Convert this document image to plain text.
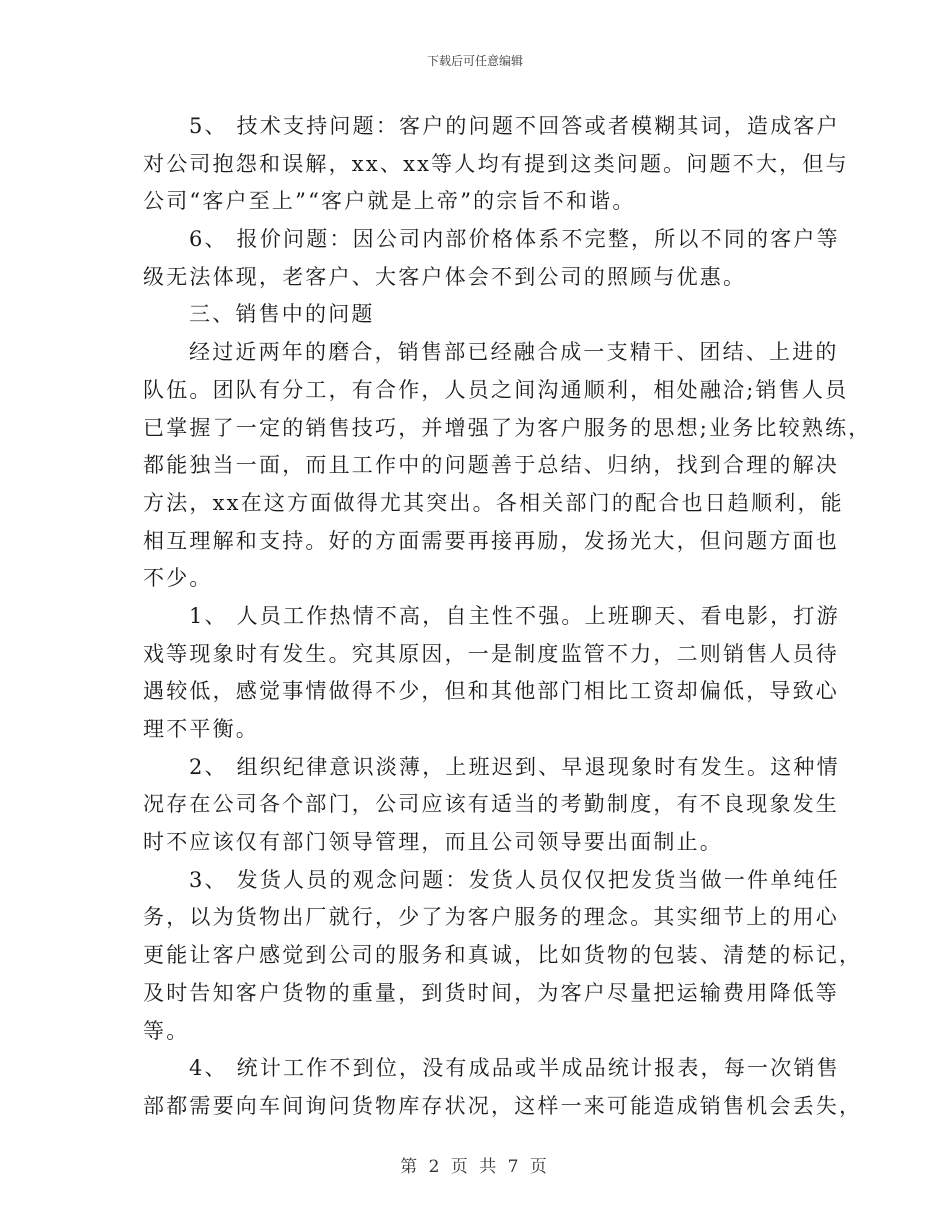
下载后可任意编辑
5、 技术支持问题：客户的问题不回答或者模糊其词，造成客户
对公司抱怨和误解，xx、xx等人均有提到这类问题。问题不大，但与
公司“客户至上”“客户就是上帝”的宗旨不和谐。
6、 报价问题：因公司内部价格体系不完整，所以不同的客户等
级无法体现，老客户、大客户体会不到公司的照顾与优惠。
三、销售中的问题
经过近两年的磨合，销售部已经融合成一支精干、团结、上进的
队伍。团队有分工，有合作，人员之间沟通顺利，相处融洽;销售人员
已掌握了一定的销售技巧，并增强了为客户服务的思想;业务比较熟练，
都能独当一面，而且工作中的问题善于总结、归纳，找到合理的解决
方法，xx在这方面做得尤其突出。各相关部门的配合也日趋顺利，能
相互理解和支持。好的方面需要再接再励，发扬光大，但问题方面也
不少。
1、 人员工作热情不高，自主性不强。上班聊天、看电影，打游
戏等现象时有发生。究其原因，一是制度监管不力，二则销售人员待
遇较低，感觉事情做得不少，但和其他部门相比工资却偏低，导致心
理不平衡。
2、 组织纪律意识淡薄，上班迟到、早退现象时有发生。这种情
况存在公司各个部门，公司应该有适当的考勤制度，有不良现象发生
时不应该仅有部门领导管理，而且公司领导要出面制止。
3、 发货人员的观念问题：发货人员仅仅把发货当做一件单纯任
务，以为货物出厂就行，少了为客户服务的理念。其实细节上的用心
更能让客户感觉到公司的服务和真诚，比如货物的包装、清楚的标记，
及时告知客户货物的重量，到货时间，为客户尽量把运输费用降低等
等。
4、 统计工作不到位，没有成品或半成品统计报表，每一次销售
部都需要向车间询问货物库存状况，这样一来可能造成销售机会丢失，
第 2 页 共 7 页
